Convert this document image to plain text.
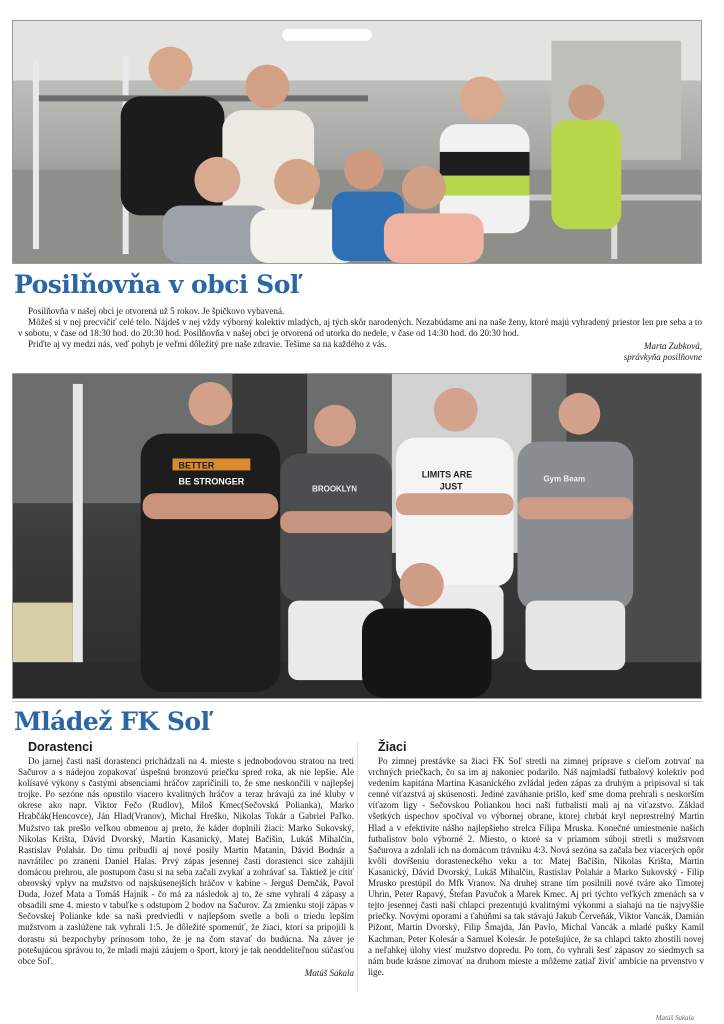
Posilňovňa v obci Soľ

Posilňovňa v našej obci je otvorená už 5 rokov. Je špičkovo vybavená.

Môžeš si v nej precvičiť celé telo. Nájdeš v nej vždy výborný kolektív mladých, aj tých skôr narodených. Nezabúdame ani na naše ženy, ktoré majú vyhradený priestor len pre seba a to v sobotu, v čase od 18:30 hod. do 20:30 hod. Posilňovňa v našej obci je otvorená od utorka do nedele, v čase od 14:30 hod. do 20:30 hod.

Príďte aj vy medzi nás, veď pohyb je veľmi dôležitý pre naše zdravie. Tešíme sa na každého z vás.	Marta Zubková,
správkyňa posilňovne
BETTER
BE STRONGER
BROOKLYN
LIMITS ARE
JUST
Gym Beam
Mládež FK Soľ
Dorastenci

Do jarnej časti naši dorastenci prichádzali na 4. mieste s jednobodovou stratou na tretí Sačurov a s nádejou zopakovať úspešnú bronzovú priečku spred roka, ak nie lepšie. Ale kolísavé výkony s častými absenciami hráčov zapríčinili to, že sme neskončili v najlepšej trojke. Po sezóne nás opustilo viacero kvalitných hráčov a teraz hrávajú za iné kluby v okrese ako napr. Viktor Fečo (Rudlov), Miloš Kmec(Sečovská Polianka), Marko Hrabčák(Hencovce), Ján Hlad(Vranov), Michal Hreško, Nikolas Tokár a Gabriel Paľko. Mužstvo tak prešlo veľkou obmenou aj preto, že káder doplnili žiaci: Marko Sukovský, Nikolas Krišta, Dávid Dvorský, Martin Kasanický, Matej Bačišin, Lukáš Mihalčin, Rastislav Polahár. Do tímu pribudli aj nové posily Martin Matanin, Dávid Bodnár a navrátilec po zranení Daniel Halas. Prvý zápas jesennej časti dorastenci síce zahájili domácou prehrou, ale postupom času si na seba začali zvykať a zohrávať sa. Taktiež je cítiť obrovský vplyv na mužstvo od najskúsenejších hráčov v kabíne - Jerguš Demčák, Pavol Duda, Jozef Mata a Tomáš Hajník - čo má za následok aj to, že sme vyhrali 4 zápasy a obsadili sme 4. miesto v tabuľke s odstupom 2 bodov na Sačurov. Za zmienku stojí zápas v Sečovskej Polianke kde sa naši predviedli v najlepšom svetle a boli o triedu lepším mužstvom a zaslúžene tak vyhrali 1:5. Je dôležité spomenúť, že žiaci, ktorí sa pripojili k dorastu sú bezpochyby prínosom toho, že je na čom stavať do budúcna. Na záver je potešujúcou správou to, že mladí majú záujem o šport, ktorý je tak neoddeliteľnou súčasťou obce Soľ.

Matúš Sakala

Žiaci

Po zimnej prestávke sa žiaci FK Soľ stretli na zimnej príprave s cieľom zotrvať na vrchných priečkach, čo sa im aj nakoniec podarilo. Náš najmladší futbalový kolektív pod vedením kapitána Martina Kasanického zvládal jeden zápas za druhým a pripisoval si tak cenné víťazstvá aj skúsenosti. Jediné zaváhanie prišlo, keď sme doma prehrali s neskorším víťazom ligy - Sečovskou Poliankou hoci naši futbalisti mali aj na víťazstvo. Základ všetkých úspechov spočíval vo výbornej obrane, ktorej chrbát kryl neprestrelný Martin Hlad a v efektivite nášho najlepšieho strelca Filipa Mruska. Konečné umiestnenie našich futbalistov bolo výborné 2. Miesto, o ktoré sa v priamom súboji stretli s mužstvom Sačurova a zdolali ich na domácom trávniku 4:3. Nová sezóna sa začala bez viacerých opôr kvôli dovŕšeniu dorasteneckého veku a to: Matej Bačišin, Nikolas Krišta, Martin Kasanický, Dávid Dvorský, Lukáš Mihalčin, Rastislav Polahár a Marko Sukovský - Filip Mrusko prestúpil do Mfk Vranov. Na druhej strane tím posilnili nové tváre ako Timotej Uhrin, Peter Rapavý, Štefan Pavučok a Marek Kmec. Aj pri týchto veľkých zmenách sa v tejto jesennej časti naši chlapci prezentujú kvalitnými výkonmi a siahajú na tie najvyššie priečky. Novými oporami a ťahúňmi sa tak stávajú Jakub Červeňák, Viktor Vancák, Damián Pižont, Martin Dvorský, Filip Šmajda, Ján Pavlo, Michal Vancák a mladé pušky Kamil Kachman, Peter Kolesár a Samuel Kolesár. Je potešujúce, že sa chlapci takto zhostili novej a neľahkej úlohy viesť mužstvo dopredu. Po tom, čo vyhrali šesť zápasov zo siedmych sa nám bude krásne zimovať na druhom mieste a môžeme zatiaľ živiť ambície na prvenstvo v lige.

Matúš Sakala
